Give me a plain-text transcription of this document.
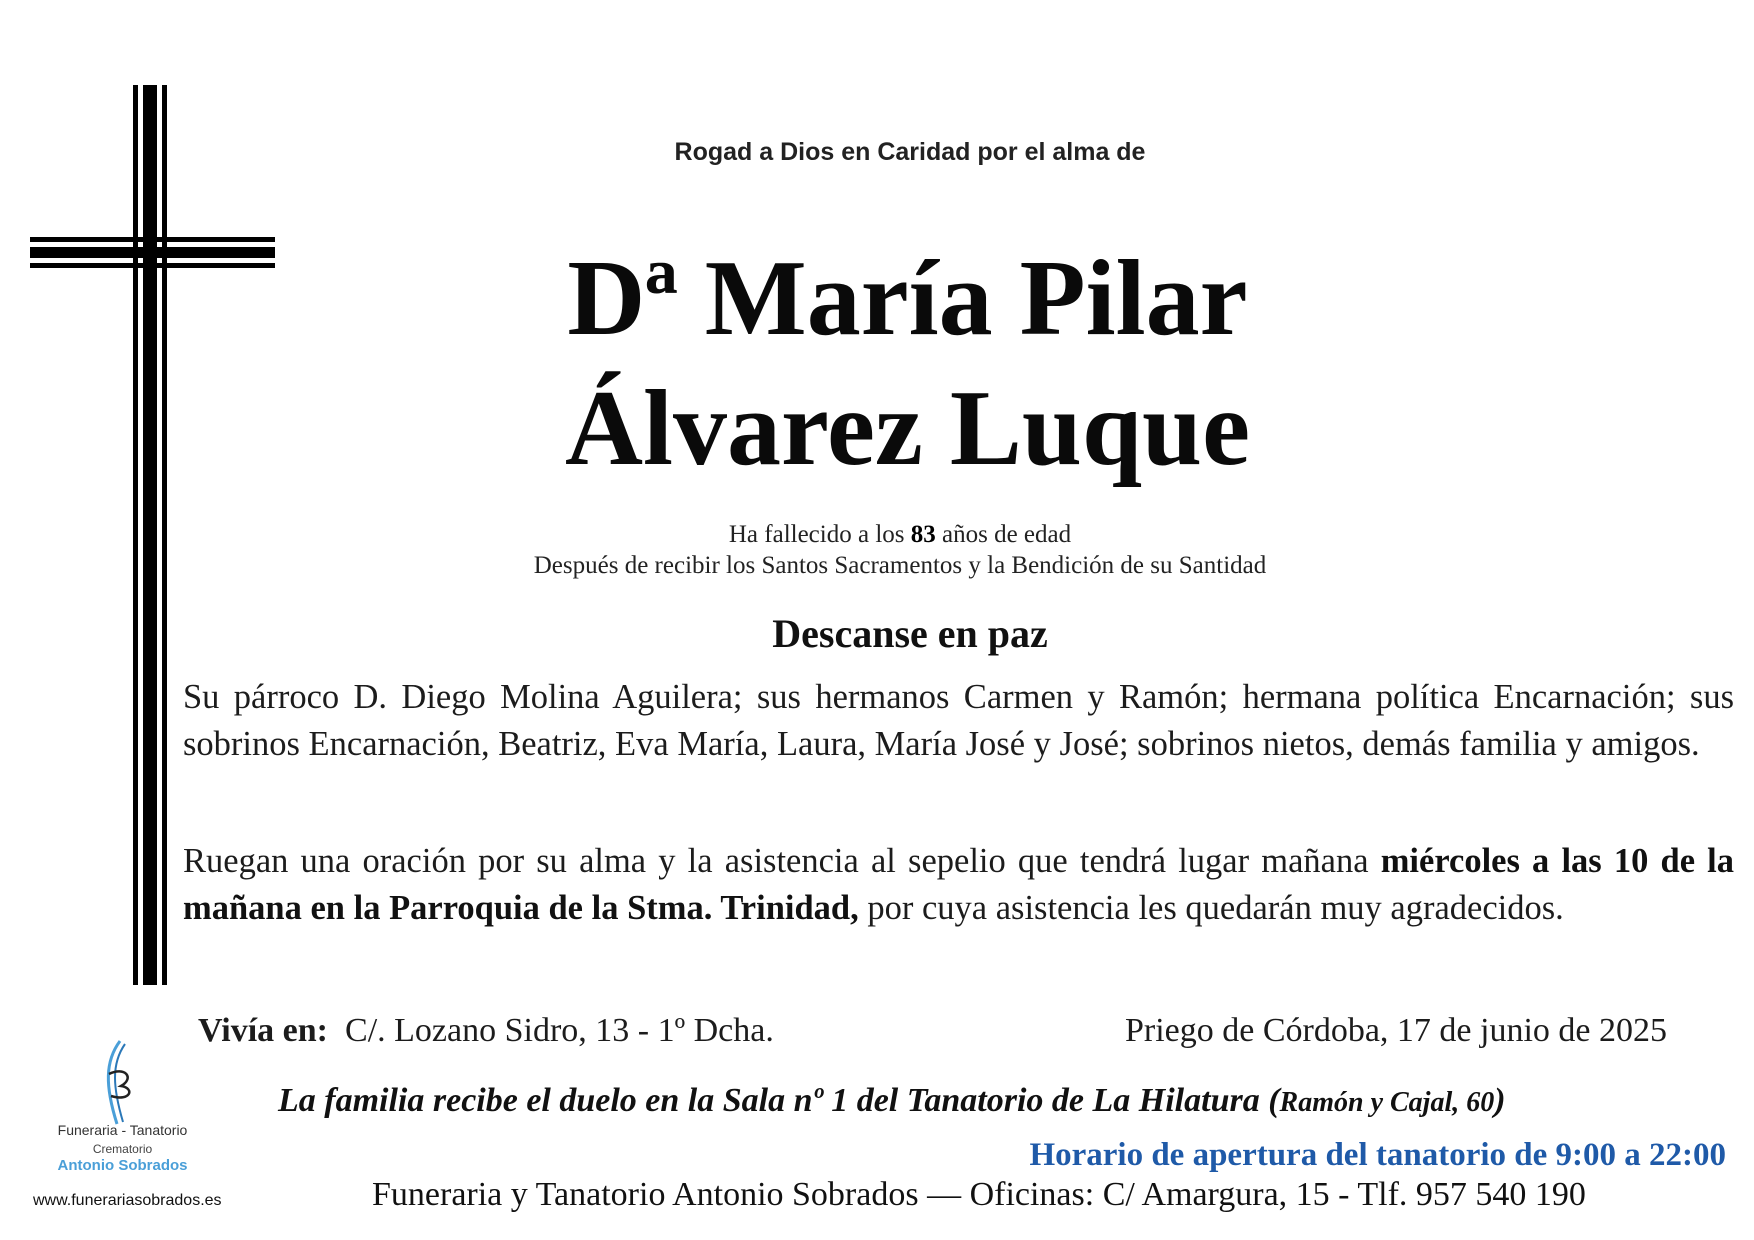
Rogad a Dios en Caridad por el alma de
Dª María Pilar
Álvarez Luque
Ha fallecido a los 83 años de edad
Después de recibir los Santos Sacramentos y la Bendición de su Santidad
Descanse en paz
Su párroco D. Diego Molina Aguilera; sus hermanos Carmen y Ramón; hermana política Encarnación; sus sobrinos Encarnación, Beatriz, Eva María, Laura, María José y José; sobrinos nietos, demás familia y amigos.
Ruegan una oración por su alma y la asistencia al sepelio que tendrá lugar mañana miércoles a las 10 de la mañana en la Parroquia de la Stma. Trinidad, por cuya asistencia les quedarán muy agradecidos.
Vivía en: C/. Lozano Sidro, 13 - 1º Dcha.	Priego de Córdoba, 17 de junio de 2025
La familia recibe el duelo en la Sala nº 1 del Tanatorio de La Hilatura (Ramón y Cajal, 60)
Horario de apertura del tanatorio de 9:00 a 22:00
Funeraria y Tanatorio Antonio Sobrados — Oficinas: C/ Amargura, 15 - Tlf. 957 540 190
Funeraria - Tanatorio
Crematorio
Antonio Sobrados
www.funerariasobrados.es
